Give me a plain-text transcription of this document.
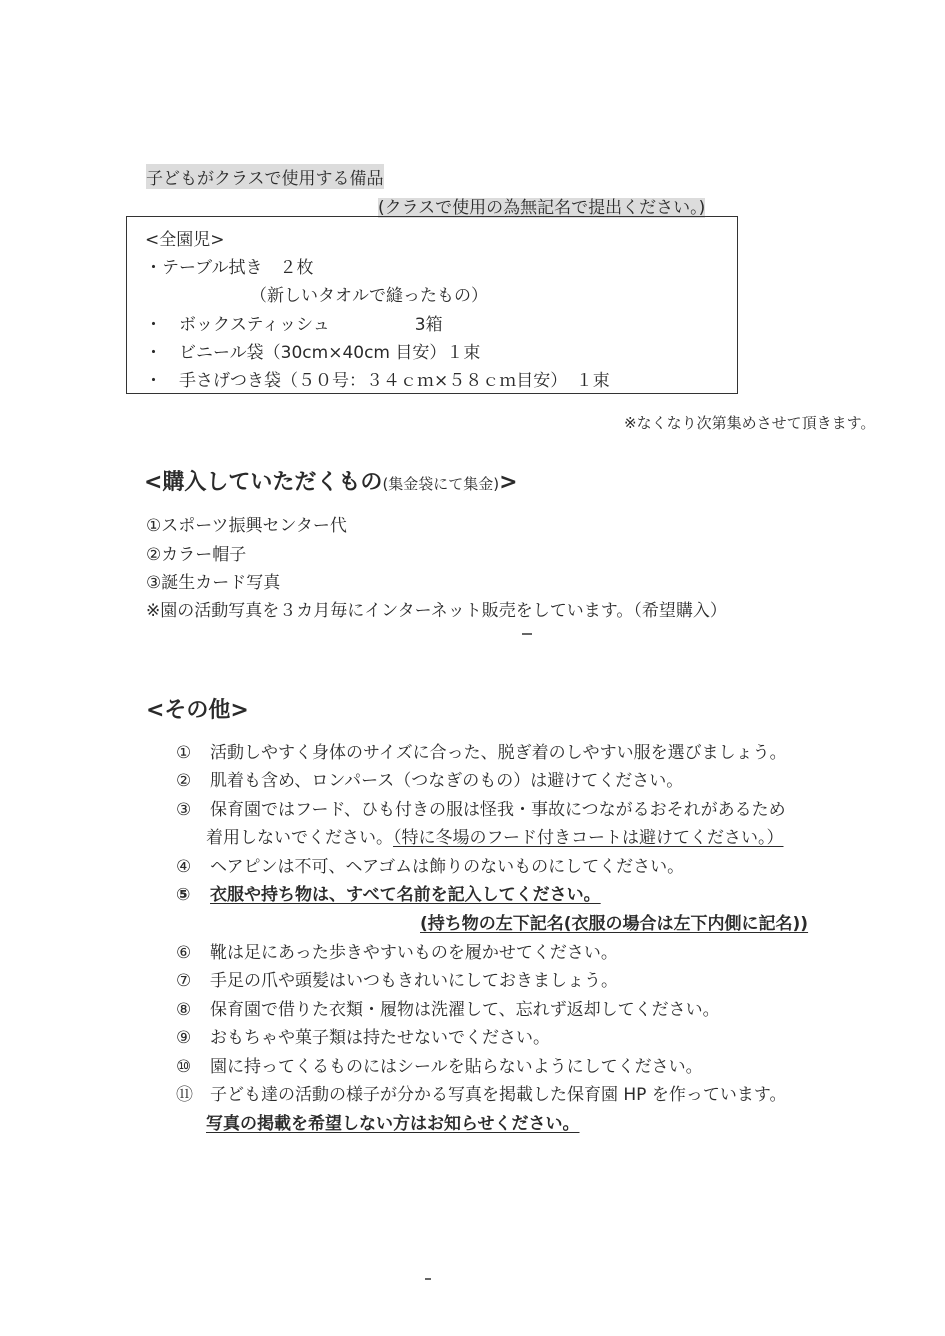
子どもがクラスで使用する備品
(クラスで使用の為無記名で提出ください。)
<全園児>
・テーブル拭き　２枚
（新しいタオルで縫ったもの）
・　ボックスティッシュ　　　　　3箱
・　ビニール袋（30cm×40cm 目安）１束
・　手さげつき袋（５０号：３４ｃｍ×５８ｃｍ目安）　１束
※なくなり次第集めさせて頂きます。
<購入していただくもの(集金袋にて集金)>
①スポーツ振興センター代
②カラー帽子
③誕生カード写真
※園の活動写真を３カ月毎にインターネット販売をしています。（希望購入）
<その他>
① 活動しやすく身体のサイズに合った、脱ぎ着のしやすい服を選びましょう。
② 肌着も含め、ロンパース（つなぎのもの）は避けてください。
③ 保育園ではフード、ひも付きの服は怪我・事故につながるおそれがあるため
着用しないでください。（特に冬場のフード付きコートは避けてください。）
④ ヘアピンは不可、ヘアゴムは飾りのないものにしてください。
⑤ 衣服や持ち物は、すべて名前を記入してください。
(持ち物の左下記名(衣服の場合は左下内側に記名))
⑥ 靴は足にあった歩きやすいものを履かせてください。
⑦ 手足の爪や頭髪はいつもきれいにしておきましょう。
⑧ 保育園で借りた衣類・履物は洗濯して、忘れず返却してください。
⑨ おもちゃや菓子類は持たせないでください。
⑩ 園に持ってくるものにはシールを貼らないようにしてください。
⑪ 子ども達の活動の様子が分かる写真を掲載した保育園 HP を作っています。
写真の掲載を希望しない方はお知らせください。
